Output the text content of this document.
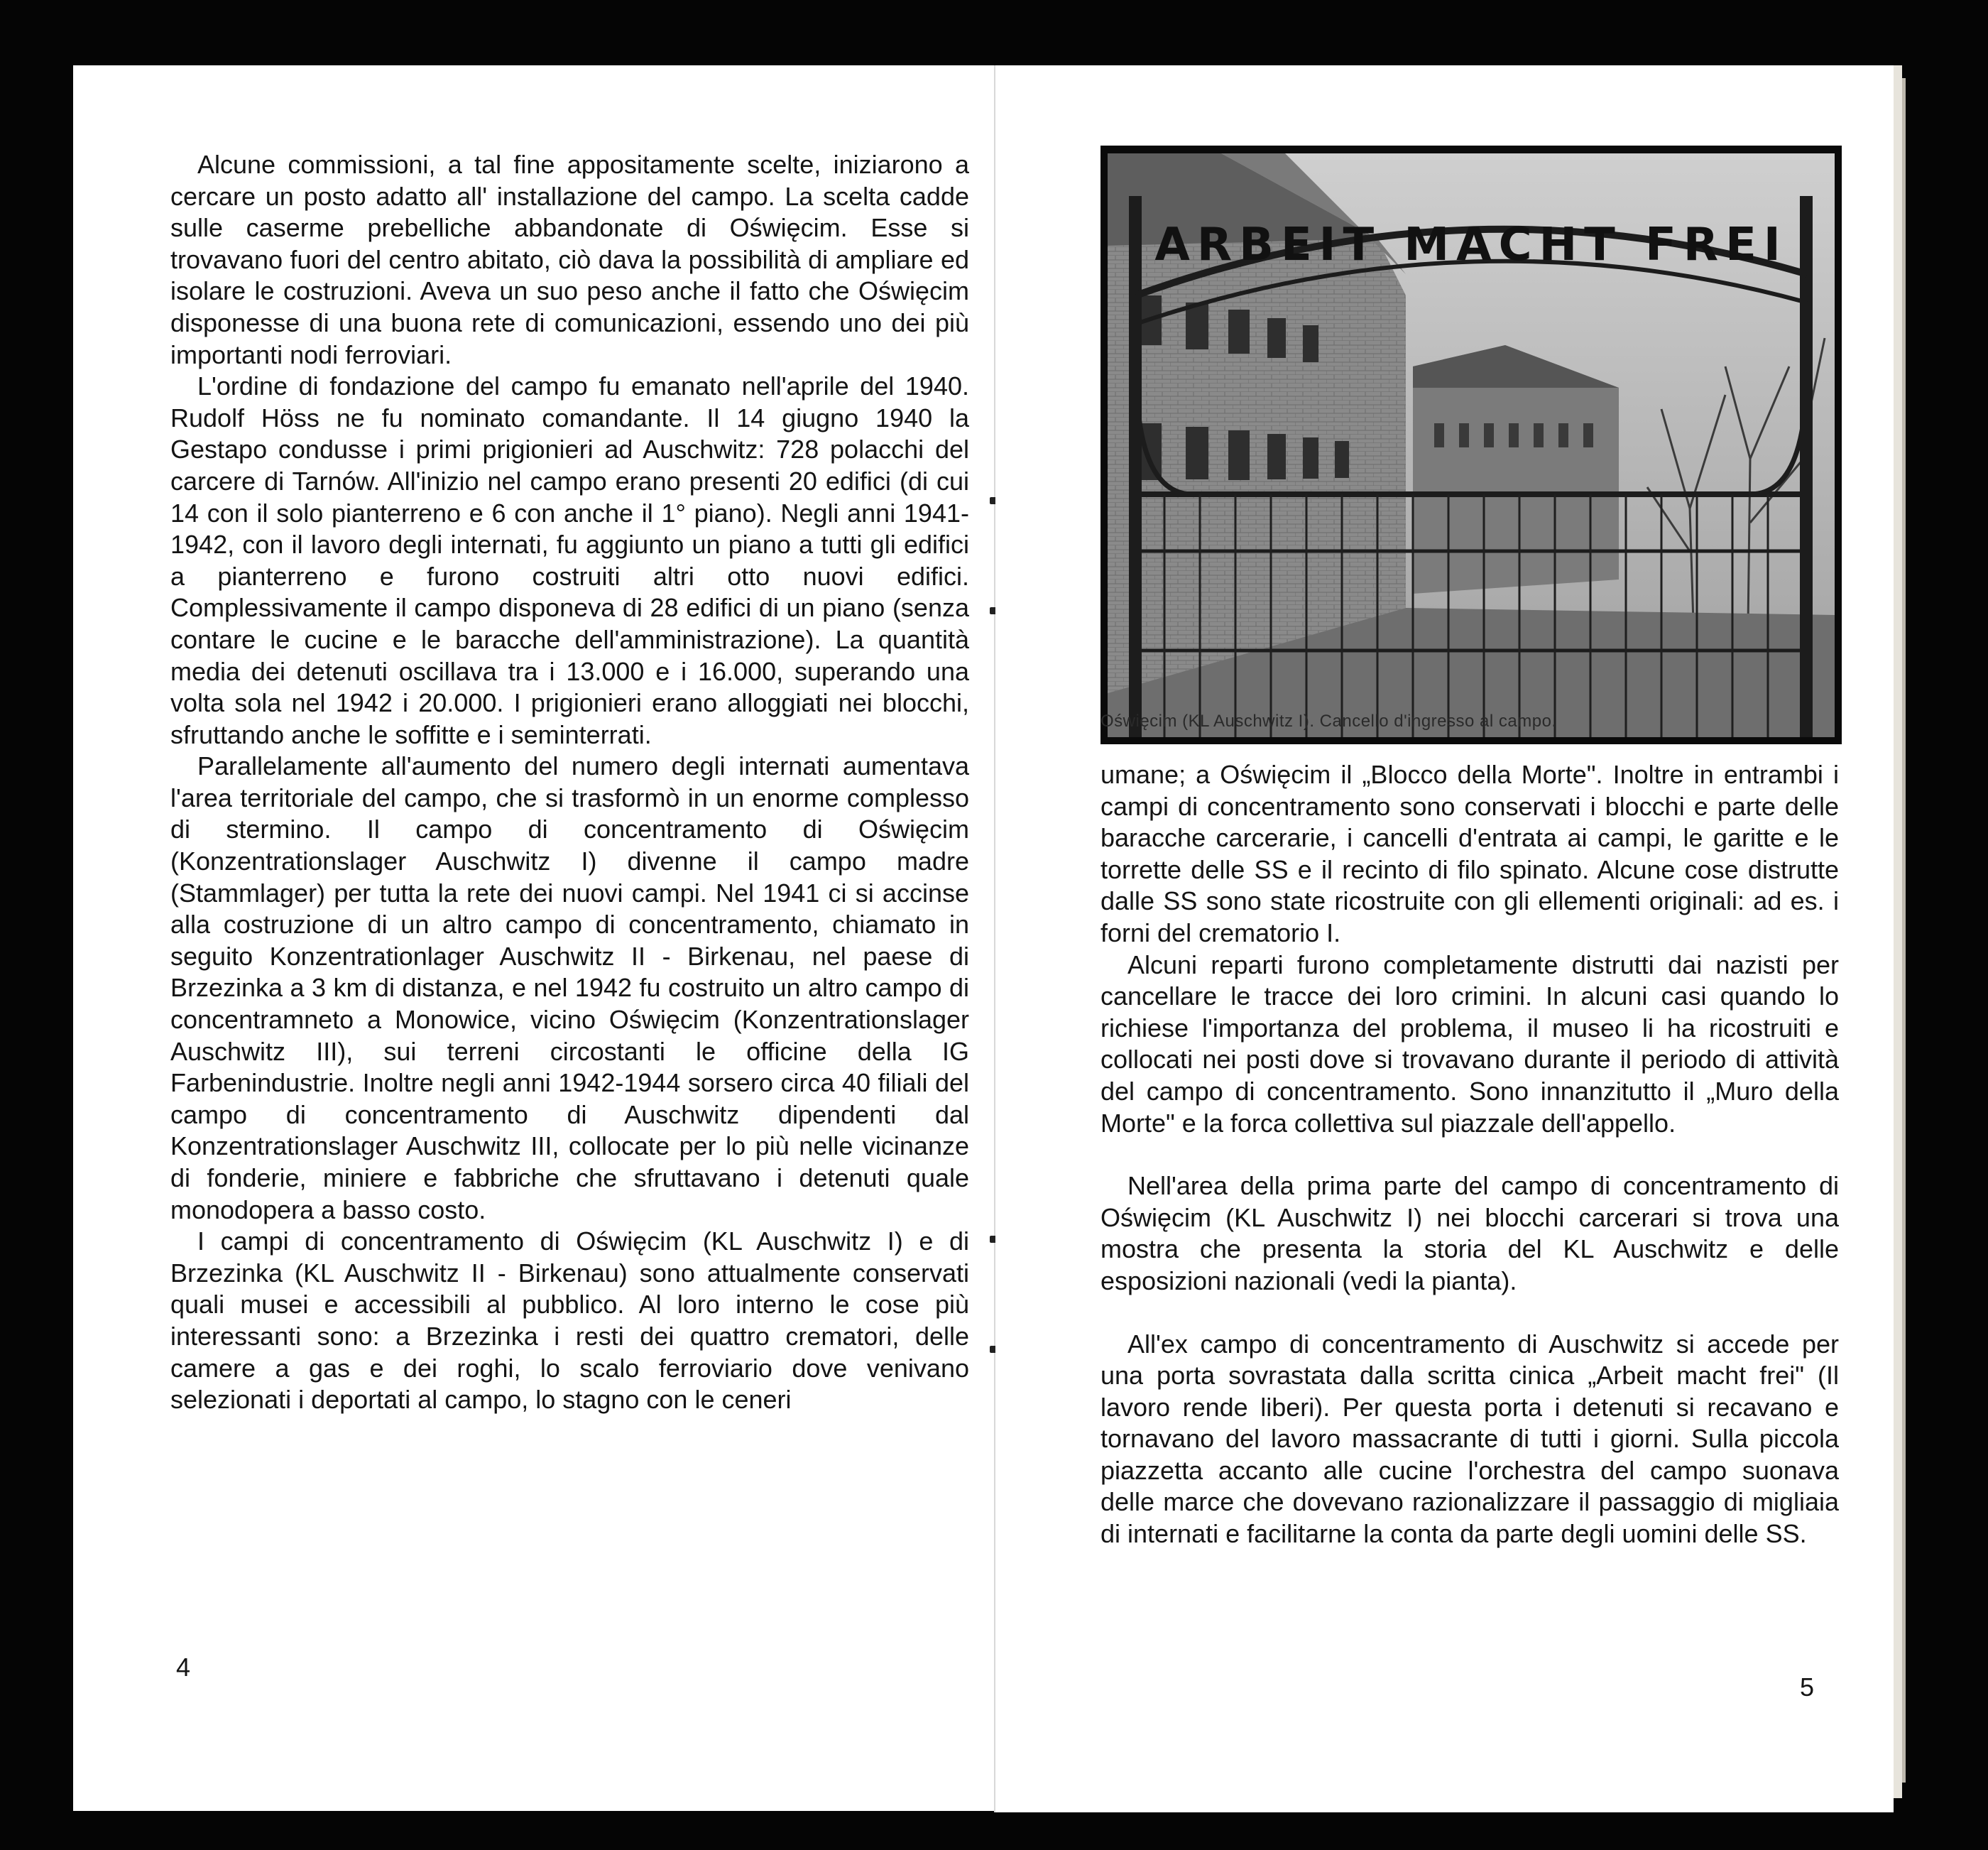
Alcune commissioni, a tal fine appositamente scelte, iniziarono a cercare un posto adatto all' installazione del campo. La scelta cadde sulle caserme prebelliche abbandonate di Oświęcim. Esse si trovavano fuori del centro abitato, ciò dava la possibilità di ampliare ed isolare le costruzioni. Aveva un suo peso anche il fatto che Oświęcim disponesse di una buona rete di comunicazioni, essendo uno dei più importanti nodi ferroviari.

L'ordine di fondazione del campo fu emanato nell'aprile del 1940. Rudolf Höss ne fu nominato comandante. Il 14 giugno 1940 la Gestapo condusse i primi prigionieri ad Auschwitz: 728 polacchi del carcere di Tarnów. All'inizio nel campo erano presenti 20 edifici (di cui 14 con il solo pianterreno e 6 con anche il 1° piano). Negli anni 1941-1942, con il lavoro degli internati, fu aggiunto un piano a tutti gli edifici a pianterreno e furono costruiti altri otto nuovi edifici. Complessivamente il campo disponeva di 28 edifici di un piano (senza contare le cucine e le baracche dell'amministrazione). La quantità media dei detenuti oscillava tra i 13.000 e i 16.000, superando una volta sola nel 1942 i 20.000. I prigionieri erano alloggiati nei blocchi, sfruttando anche le soffitte e i seminterrati.

Parallelamente all'aumento del numero degli internati aumentava l'area territoriale del campo, che si trasformò in un enorme complesso di stermino. Il campo di concentramento di Oświęcim (Konzentrationslager Auschwitz I) divenne il campo madre (Stammlager) per tutta la rete dei nuovi campi. Nel 1941 ci si accinse alla costruzione di un altro campo di concentramento, chiamato in seguito Konzentrationlager Auschwitz II - Birkenau, nel paese di Brzezinka a 3 km di distanza, e nel 1942 fu costruito un altro campo di concentramneto a Monowice, vicino Oświęcim (Konzentrationslager Auschwitz III), sui terreni circostanti le officine della IG Farbenindustrie. Inoltre negli anni 1942-1944 sorsero circa 40 filiali del campo di concentramento di Auschwitz dipendenti dal Konzentrationslager Auschwitz III, collocate per lo più nelle vicinanze di fonderie, miniere e fabbriche che sfruttavano i detenuti quale monodopera a basso costo.

I campi di concentramento di Oświęcim (KL Auschwitz I) e di Brzezinka (KL Auschwitz II - Birkenau) sono attualmente conservati quali musei e accessibili al pubblico. Al loro interno le cose più interessanti sono: a Brzezinka i resti dei quattro crematori, delle camere a gas e dei roghi, lo scalo ferroviario dove venivano selezionati i deportati al campo, lo stagno con le ceneri

4
ARBEIT MACHT FREI
Oświęcim (KL Auschwitz I). Cancello d'ingresso al campo.

umane; a Oświęcim il „Blocco della Morte". Inoltre in entrambi i campi di concentramento sono conservati i blocchi e parte delle baracche carcerarie, i cancelli d'entrata ai campi, le garitte e le torrette delle SS e il recinto di filo spinato. Alcune cose distrutte dalle SS sono state ricostruite con gli ellementi originali: ad es. i forni del crematorio I.

Alcuni reparti furono completamente distrutti dai nazisti per cancellare le tracce dei loro crimini. In alcuni casi quando lo richiese l'importanza del problema, il museo li ha ricostruiti e collocati nei posti dove si trovavano durante il periodo di attività del campo di concentramento. Sono innanzitutto il „Muro della Morte" e la forca collettiva sul piazzale dell'appello.

Nell'area della prima parte del campo di concentramento di Oświęcim (KL Auschwitz I) nei blocchi carcerari si trova una mostra che presenta la storia del KL Auschwitz e delle esposizioni nazionali (vedi la pianta).

All'ex campo di concentramento di Auschwitz si accede per una porta sovrastata dalla scritta cinica „Arbeit macht frei" (Il lavoro rende liberi). Per questa porta i detenuti si recavano e tornavano del lavoro massacrante di tutti i giorni. Sulla piccola piazzetta accanto alle cucine l'orchestra del campo suonava delle marce che dovevano razionalizzare il passaggio di migliaia di internati e facilitarne la conta da parte degli uomini delle SS.

5
